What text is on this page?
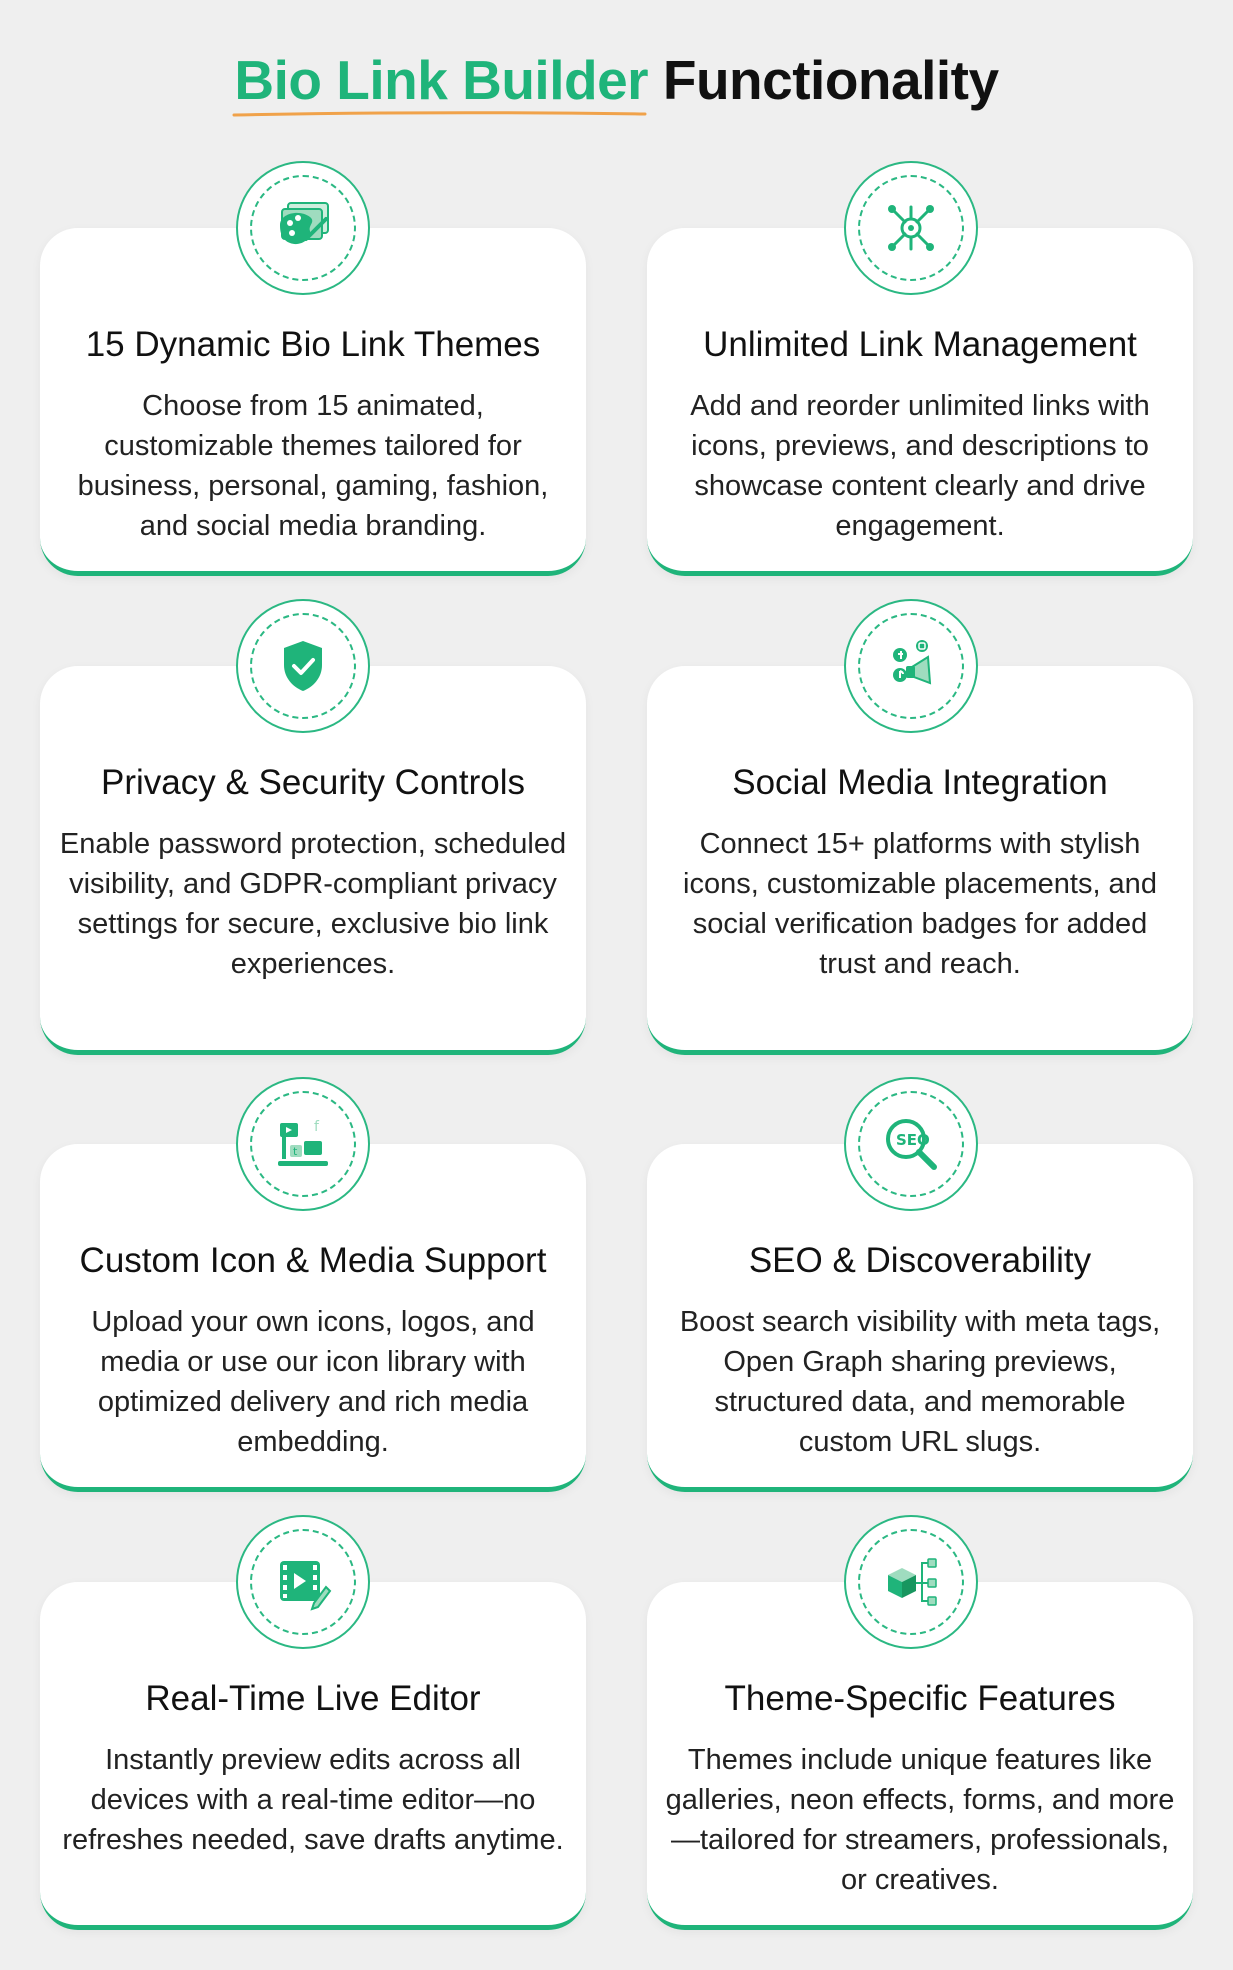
Bio Link Builder Functionality
15 Dynamic Bio Link Themes
Choose from 15 animated, customizable themes tailored for business, personal, gaming, fashion, and social media branding.
Unlimited Link Management
Add and reorder unlimited links with icons, previews, and descriptions to showcase content clearly and drive engagement.
Privacy & Security Controls
Enable password protection, scheduled visibility, and GDPR-compliant privacy settings for secure, exclusive bio link experiences.
Social Media Integration
Connect 15+ platforms with stylish icons, customizable placements, and social verification badges for added trust and reach.
Custom Icon & Media Support
Upload your own icons, logos, and media or use our icon library with optimized delivery and rich media embedding.
t
f
SEO & Discoverability
Boost search visibility with meta tags, Open Graph sharing previews, structured data, and memorable custom URL slugs.
SEO
Real-Time Live Editor
Instantly preview edits across all devices with a real-time editor—no refreshes needed, save drafts anytime.
Theme-Specific Features
Themes include unique features like galleries, neon effects, forms, and more—tailored for streamers, professionals, or creatives.
